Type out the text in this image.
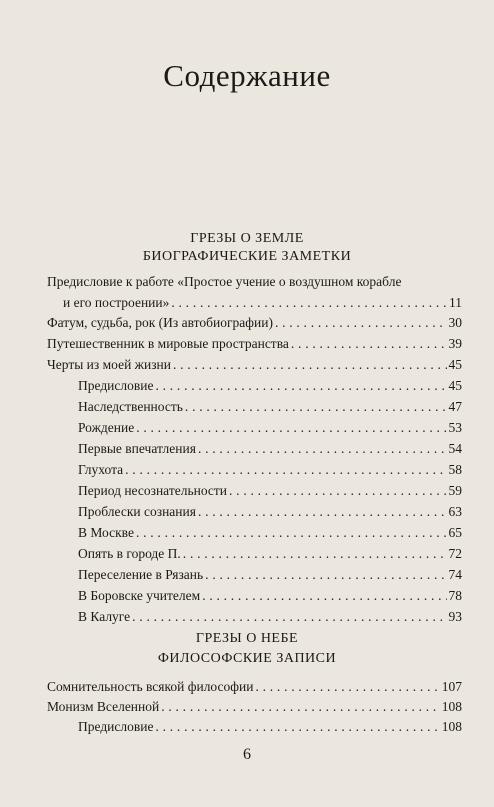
Содержание
ГРЕЗЫ О ЗЕМЛЕ
БИОГРАФИЧЕСКИЕ ЗАМЕТКИ
Предисловие к работе «Простое учение о воздушном корабле
и его построении» . . .	11
Фатум, судьба, рок (Из автобиографии) . . .	30
Путешественник в мировые пространства . . .	39
Черты из моей жизни . . .	45
Предисловие . . .	45
Наследственность . . .	47
Рождение . . .	53
Первые впечатления . . .	54
Глухота . . .	58
Период несознательности . . .	59
Проблески сознания . . .	63
В Москве . . .	65
Опять в городе П. . . .	72
Переселение в Рязань . . .	74
В Боровске учителем . . .	78
В Калуге . . .	93
ГРЕЗЫ О НЕБЕ
ФИЛОСОФСКИЕ ЗАПИСИ
Сомнительность всякой философии . . .	107
Монизм Вселенной . . .	108
Предисловие . . .	108
6
